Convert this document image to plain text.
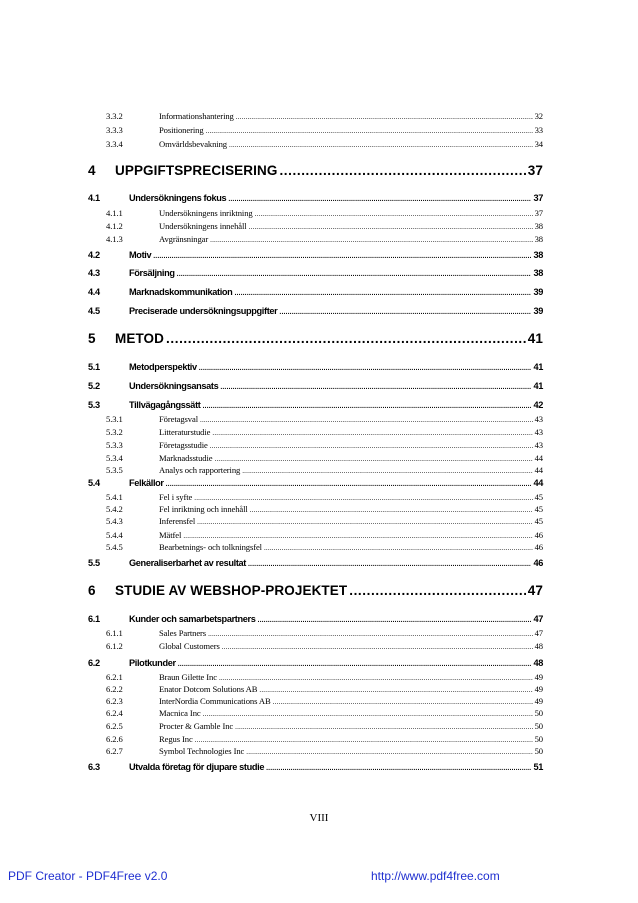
3.3.2	Informationshantering .....	32
3.3.3	Positionering .....	33
3.3.4	Omvärldsbevakning .....	34
4	UPPGIFTSPRECISERING .....	37
4.1	Undersökningens fokus .....	37
4.1.1	Undersökningens inriktning .....	37
4.1.2	Undersökningens innehåll .....	38
4.1.3	Avgränsningar .....	38
4.2	Motiv .....	38
4.3	Försäljning .....	38
4.4	Marknadskommunikation .....	39
4.5	Preciserade undersökningsuppgifter .....	39
5	METOD .....	41
5.1	Metodperspektiv .....	41
5.2	Undersökningsansats .....	41
5.3	Tillvägagångssätt .....	42
5.3.1	Företagsval .....	43
5.3.2	Litteraturstudie .....	43
5.3.3	Företagsstudie .....	43
5.3.4	Marknadsstudie .....	44
5.3.5	Analys och rapportering .....	44
5.4	Felkällor .....	44
5.4.1	Fel i syfte .....	45
5.4.2	Fel inriktning och innehåll .....	45
5.4.3	Inferensfel .....	45
5.4.4	Mätfel .....	46
5.4.5	Bearbetnings- och tolkningsfel .....	46
5.5	Generaliserbarhet av resultat .....	46
6	STUDIE AV WEBSHOP-PROJEKTET .....	47
6.1	Kunder och samarbetspartners .....	47
6.1.1	Sales Partners .....	47
6.1.2	Global Customers .....	48
6.2	Pilotkunder .....	48
6.2.1	Braun Gilette Inc .....	49
6.2.2	Enator Dotcom Solutions AB .....	49
6.2.3	InterNordia Communications AB .....	49
6.2.4	Macnica Inc .....	50
6.2.5	Procter & Gamble Inc .....	50
6.2.6	Regus Inc .....	50
6.2.7	Symbol Technologies Inc .....	50
6.3	Utvalda företag för djupare studie .....	51
VIII
PDF Creator - PDF4Free v2.0	http://www.pdf4free.com
